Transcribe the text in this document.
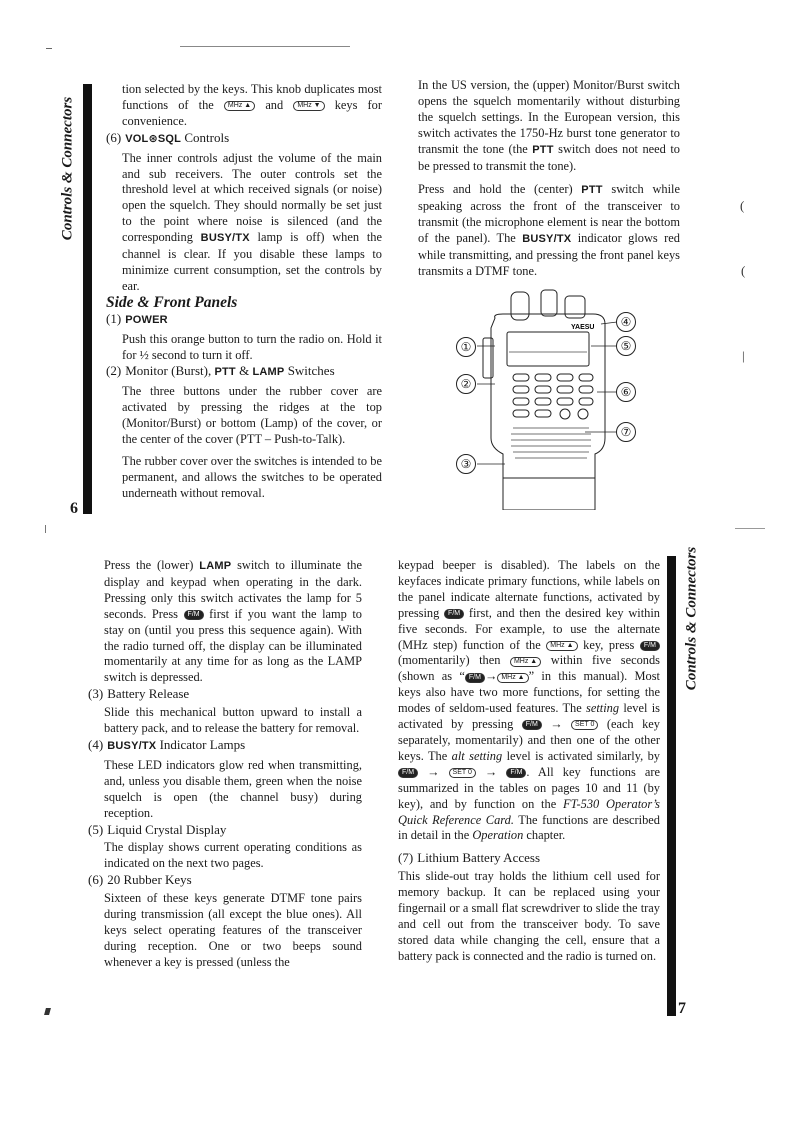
Controls & Connectors
6

tion selected by the keys. This knob duplicates most functions of the MHz ▲ and MHz ▼ keys for convenience.

(6) VOL⊛SQL Controls

The inner controls adjust the volume of the main and sub receivers. The outer controls set the threshold level at which received signals (or noise) open the squelch. They should normally be set just to the point where noise is silenced (and the corresponding BUSY/TX lamp is off) when the channel is clear. If you disable these lamps to minimize current consumption, set the controls by ear.

Side & Front Panels

(1) POWER

Push this orange button to turn the radio on. Hold it for ½ second to turn it off.

(2) Monitor (Burst), PTT & LAMP Switches

The three buttons under the rubber cover are activated by pressing the ridges at the top (Monitor/Burst) or bottom (Lamp) of the cover, or the center of the cover (PTT – Push-to-Talk).

The rubber cover over the switches is intended to be permanent, and allows the switches to be operated underneath without removal.

In the US version, the (upper) Monitor/Burst switch opens the squelch momentarily without disturbing the squelch settings. In the European version, this switch activates the 1750-Hz burst tone generator to transmit the tone (the PTT switch does not need to be pressed to transmit the tone).

Press and hold the (center) PTT switch while speaking across the front of the transceiver to transmit (the microphone element is near the bottom of the panel). The BUSY/TX indicator glows red while transmitting, and pressing the front panel keys transmits a DTMF tone.

YAESU
①
②
③
④
⑤
⑥
⑦
(
(
|

Press the (lower) LAMP switch to illuminate the display and keypad when operating in the dark. Pressing only this switch activates the lamp for 5 seconds. Press F/M first if you want the lamp to stay on (until you press this sequence again). With the radio turned off, the display can be illuminated momentarily at any time for as long as the LAMP switch is depressed.

(3) Battery Release

Slide this mechanical button upward to install a battery pack, and to release the battery for removal.

(4) BUSY/TX Indicator Lamps

These LED indicators glow red when transmitting, and, unless you disable them, green when the noise squelch is open (the channel busy) during reception.

(5) Liquid Crystal Display

The display shows current operating conditions as indicated on the next two pages.

(6) 20 Rubber Keys

Sixteen of these keys generate DTMF tone pairs during transmission (all except the blue ones). All keys select operating features of the transceiver during reception. One or two beeps sound whenever a key is pressed (unless the

keypad beeper is disabled). The labels on the keyfaces indicate primary functions, while labels on the panel indicate alternate functions, activated by pressing F/M first, and then the desired key within five seconds. For example, to use the alternate (MHz step) function of the MHz ▲ key, press F/M (momentarily) then MHz ▲ within five seconds (shown as “ F/M → MHz ▲ ” in this manual). Most keys also have two more functions, for setting the modes of seldom-used features. The setting level is activated by pressing F/M → SET 0 (each key separately, momentarily) and then one of the other keys. The alt setting level is activated similarly, by F/M → SET 0 → F/M . All key functions are summarized in the tables on pages 10 and 11 (by key), and by function on the FT-530 Operator’s Quick Reference Card. The functions are described in detail in the Operation chapter.

(7) Lithium Battery Access

This slide-out tray holds the lithium cell used for memory backup. It can be replaced using your fingernail or a small flat screwdriver to slide the tray and cell out from the transceiver body. To save stored data while changing the cell, ensure that a battery pack is connected and the radio is turned on.

Controls & Connectors
7
